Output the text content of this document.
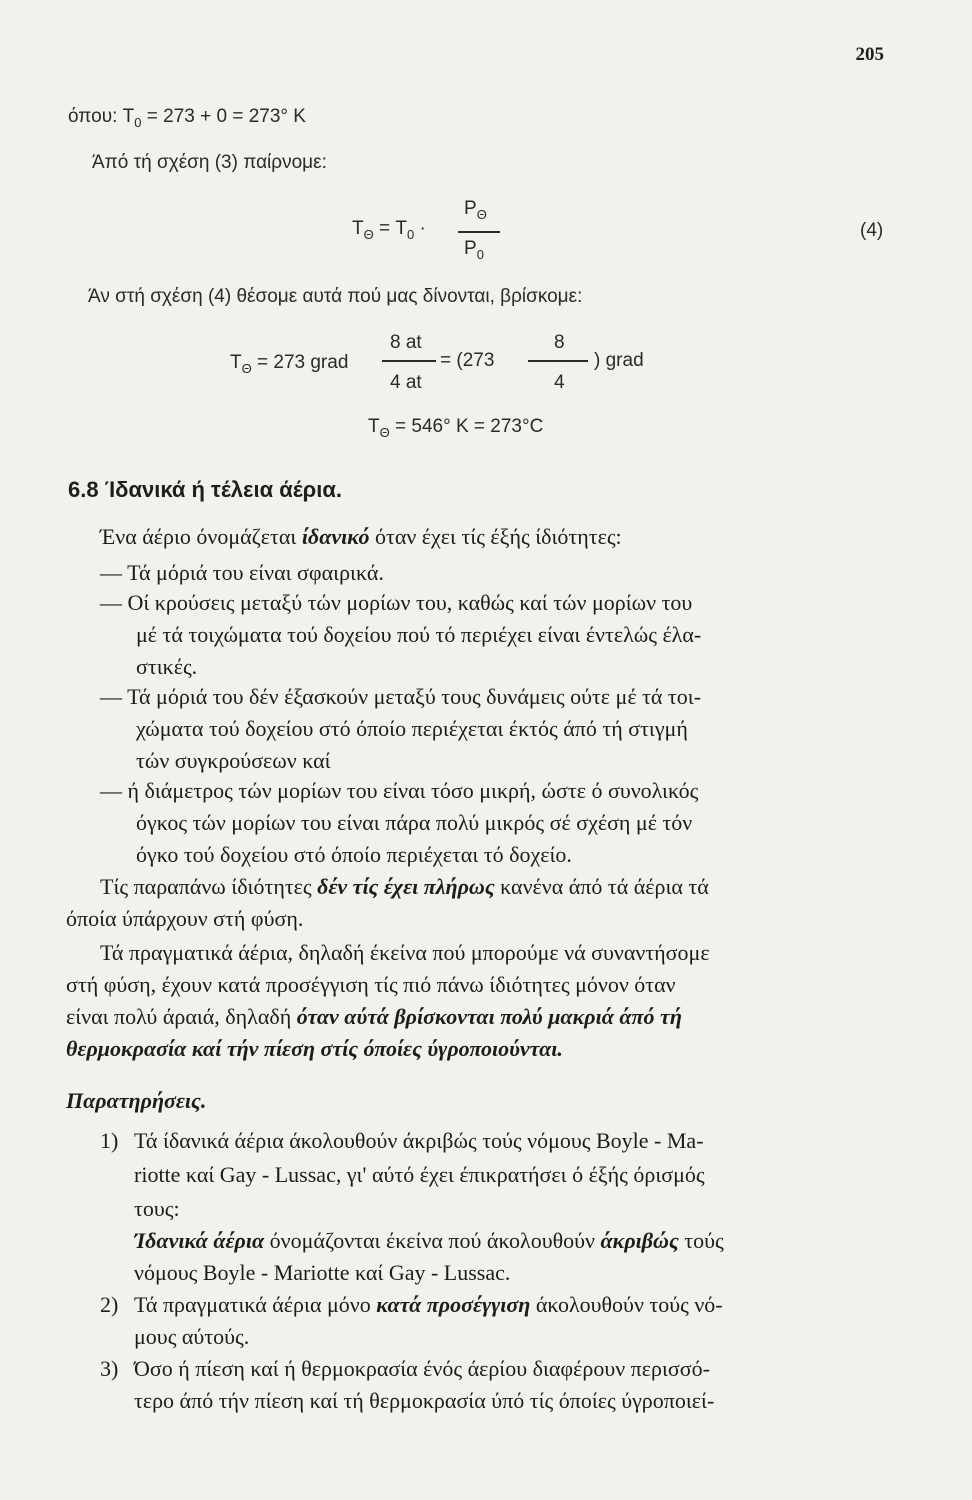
205
όπου: $T_0 = 273 + 0 = 273^\circ$ K
Άπό τή σχέση (3) παίρνομε:
$T_\Theta = T_0$ ·
$P_\Theta$
$P_0$
(4)
Άν στή σχέση (4) θέσομε αυτά πού μας δίνονται, βρίσκομε:
$T_\Theta = 273$ grad
8 at
4 at
= (273
8
4
) grad
$T_\Theta = 546^\circ$ K = 273°C
6.8 Ίδανικά ή τέλεια άέρια.
Ένα άέριο όνομάζεται ίδανικό όταν έχει τίς έξής ίδιότητες:
— Τά μόριά του είναι σφαιρικά.
— Οί κρούσεις μεταξύ τών μορίων του, καθώς καί τών μορίων του
μέ τά τοιχώματα τού δοχείου πού τό περιέχει είναι έντελώς έλα-
στικές.
— Τά μόριά του δέν έξασκούν μεταξύ τους δυνάμεις ούτε μέ τά τοι-
χώματα τού δοχείου στό όποίο περιέχεται έκτός άπό τή στιγμή
τών συγκρούσεων καί
— ή διάμετρος τών μορίων του είναι τόσο μικρή, ώστε ό συνολικός
όγκος τών μορίων του είναι πάρα πολύ μικρός σέ σχέση μέ τόν
όγκο τού δοχείου στό όποίο περιέχεται τό δοχείο.
Τίς παραπάνω ίδιότητες δέν τίς έχει πλήρως κανένα άπό τά άέρια τά
όποία ύπάρχουν στή φύση.
Τά πραγματικά άέρια, δηλαδή έκείνα πού μπορούμε νά συναντήσομε
στή φύση, έχουν κατά προσέγγιση τίς πιό πάνω ίδιότητες μόνον όταν
είναι πολύ άραιά, δηλαδή όταν αύτά βρίσκονται πολύ μακριά άπό τή
θερμοκρασία καί τήν πίεση στίς όποίες ύγροποιούνται.
Παρατηρήσεις.
1) Τά ίδανικά άέρια άκολουθούν άκριβώς τούς νόμους Boyle - Ma-
riotte καί Gay - Lussac, γι' αύτό έχει έπικρατήσει ό έξής όρισμός
τους:
Ίδανικά άέρια όνομάζονται έκείνα πού άκολουθούν άκριβώς τούς
νόμους Boyle - Mariotte καί Gay - Lussac.
2) Τά πραγματικά άέρια μόνο κατά προσέγγιση άκολουθούν τούς νό-
μους αύτούς.
3) Όσο ή πίεση καί ή θερμοκρασία ένός άερίου διαφέρουν περισσό-
τερο άπό τήν πίεση καί τή θερμοκρασία ύπό τίς όποίες ύγροποιεί-
